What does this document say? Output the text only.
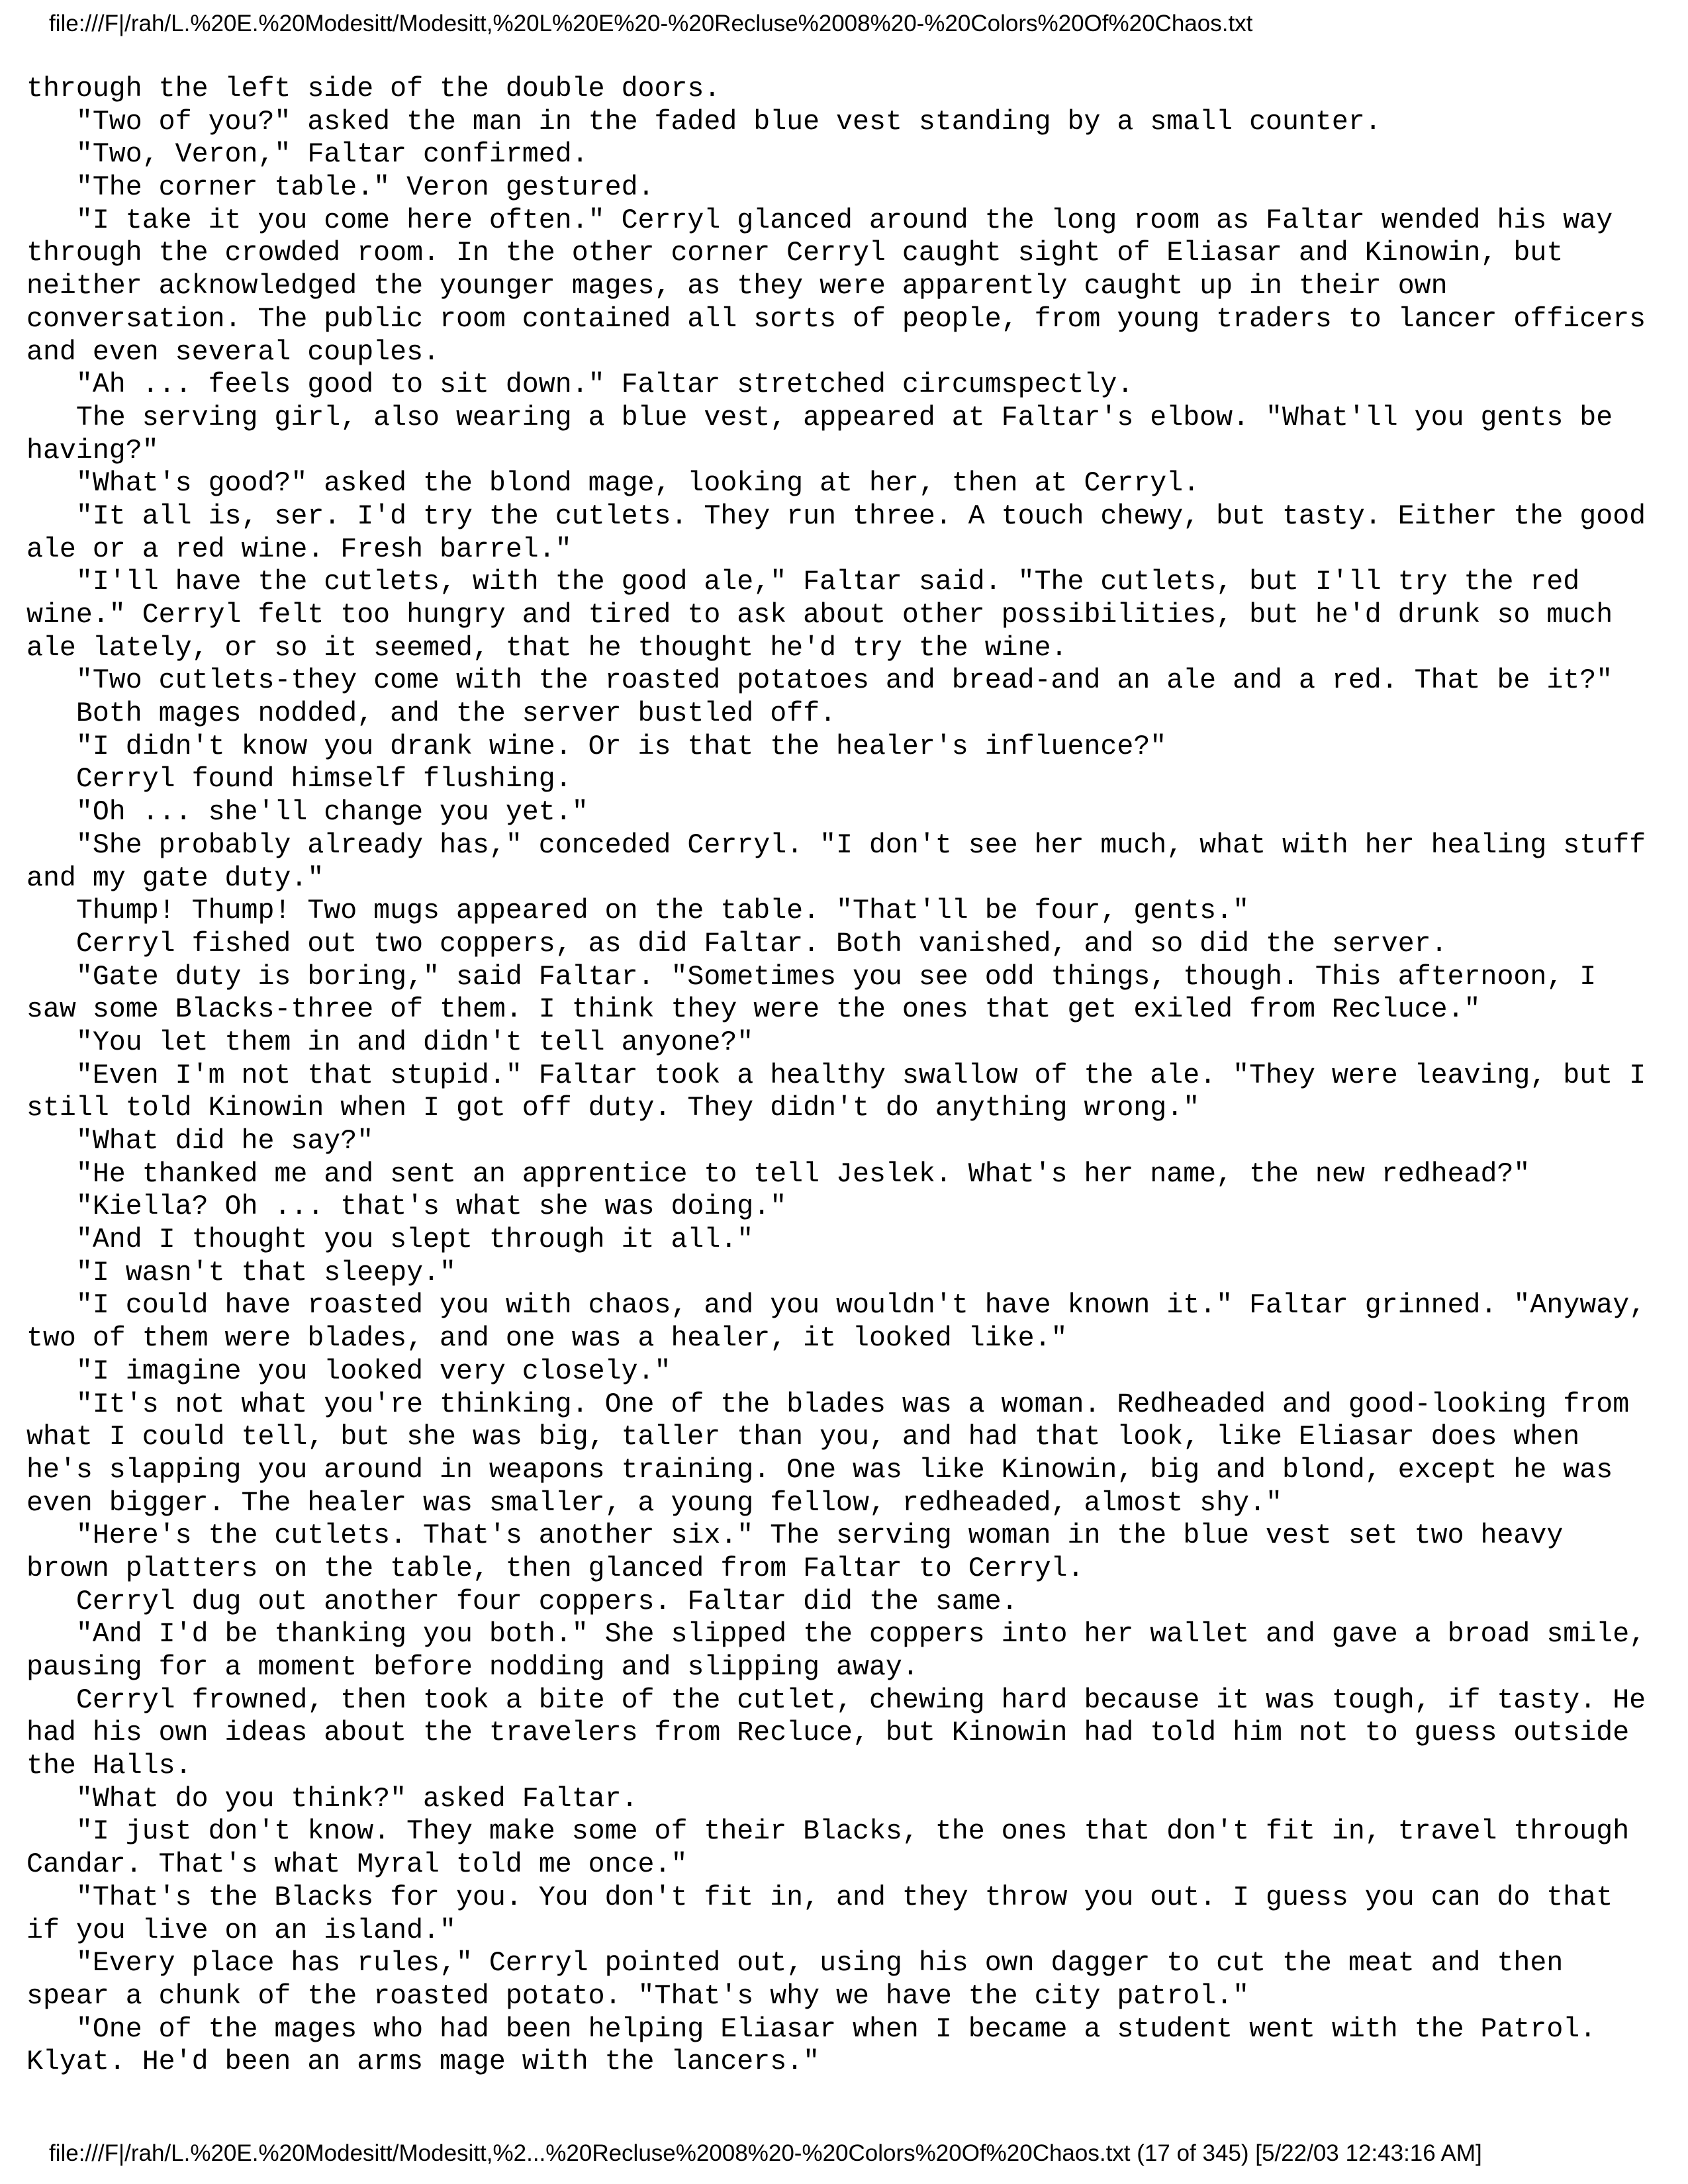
file:///F|/rah/L.%20E.%20Modesitt/Modesitt,%20L%20E%20-%20Recluse%2008%20-%20Colors%20Of%20Chaos.txt
through the left side of the double doors.
"Two of you?" asked the man in the faded blue vest standing by a small counter.
"Two, Veron," Faltar confirmed.
"The corner table." Veron gestured.
"I take it you come here often." Cerryl glanced around the long room as Faltar wended his way
through the crowded room. In the other corner Cerryl caught sight of Eliasar and Kinowin, but
neither acknowledged the younger mages, as they were apparently caught up in their own
conversation. The public room contained all sorts of people, from young traders to lancer officers
and even several couples.
"Ah ... feels good to sit down." Faltar stretched circumspectly.
The serving girl, also wearing a blue vest, appeared at Faltar's elbow. "What'll you gents be
having?"
"What's good?" asked the blond mage, looking at her, then at Cerryl.
"It all is, ser. I'd try the cutlets. They run three. A touch chewy, but tasty. Either the good
ale or a red wine. Fresh barrel."
"I'll have the cutlets, with the good ale," Faltar said. "The cutlets, but I'll try the red
wine." Cerryl felt too hungry and tired to ask about other possibilities, but he'd drunk so much
ale lately, or so it seemed, that he thought he'd try the wine.
"Two cutlets-they come with the roasted potatoes and bread-and an ale and a red. That be it?"
Both mages nodded, and the server bustled off.
"I didn't know you drank wine. Or is that the healer's influence?"
Cerryl found himself flushing.
"Oh ... she'll change you yet."
"She probably already has," conceded Cerryl. "I don't see her much, what with her healing stuff
and my gate duty."
Thump! Thump! Two mugs appeared on the table. "That'll be four, gents."
Cerryl fished out two coppers, as did Faltar. Both vanished, and so did the server.
"Gate duty is boring," said Faltar. "Sometimes you see odd things, though. This afternoon, I
saw some Blacks-three of them. I think they were the ones that get exiled from Recluce."
"You let them in and didn't tell anyone?"
"Even I'm not that stupid." Faltar took a healthy swallow of the ale. "They were leaving, but I
still told Kinowin when I got off duty. They didn't do anything wrong."
"What did he say?"
"He thanked me and sent an apprentice to tell Jeslek. What's her name, the new redhead?"
"Kiella? Oh ... that's what she was doing."
"And I thought you slept through it all."
"I wasn't that sleepy."
"I could have roasted you with chaos, and you wouldn't have known it." Faltar grinned. "Anyway,
two of them were blades, and one was a healer, it looked like."
"I imagine you looked very closely."
"It's not what you're thinking. One of the blades was a woman. Redheaded and good-looking from
what I could tell, but she was big, taller than you, and had that look, like Eliasar does when
he's slapping you around in weapons training. One was like Kinowin, big and blond, except he was
even bigger. The healer was smaller, a young fellow, redheaded, almost shy."
"Here's the cutlets. That's another six." The serving woman in the blue vest set two heavy
brown platters on the table, then glanced from Faltar to Cerryl.
Cerryl dug out another four coppers. Faltar did the same.
"And I'd be thanking you both." She slipped the coppers into her wallet and gave a broad smile,
pausing for a moment before nodding and slipping away.
Cerryl frowned, then took a bite of the cutlet, chewing hard because it was tough, if tasty. He
had his own ideas about the travelers from Recluce, but Kinowin had told him not to guess outside
the Halls.
"What do you think?" asked Faltar.
"I just don't know. They make some of their Blacks, the ones that don't fit in, travel through
Candar. That's what Myral told me once."
"That's the Blacks for you. You don't fit in, and they throw you out. I guess you can do that
if you live on an island."
"Every place has rules," Cerryl pointed out, using his own dagger to cut the meat and then
spear a chunk of the roasted potato. "That's why we have the city patrol."
"One of the mages who had been helping Eliasar when I became a student went with the Patrol.
Klyat. He'd been an arms mage with the lancers."
file:///F|/rah/L.%20E.%20Modesitt/Modesitt,%2...%20Recluse%2008%20-%20Colors%20Of%20Chaos.txt (17 of 345) [5/22/03 12:43:16 AM]
